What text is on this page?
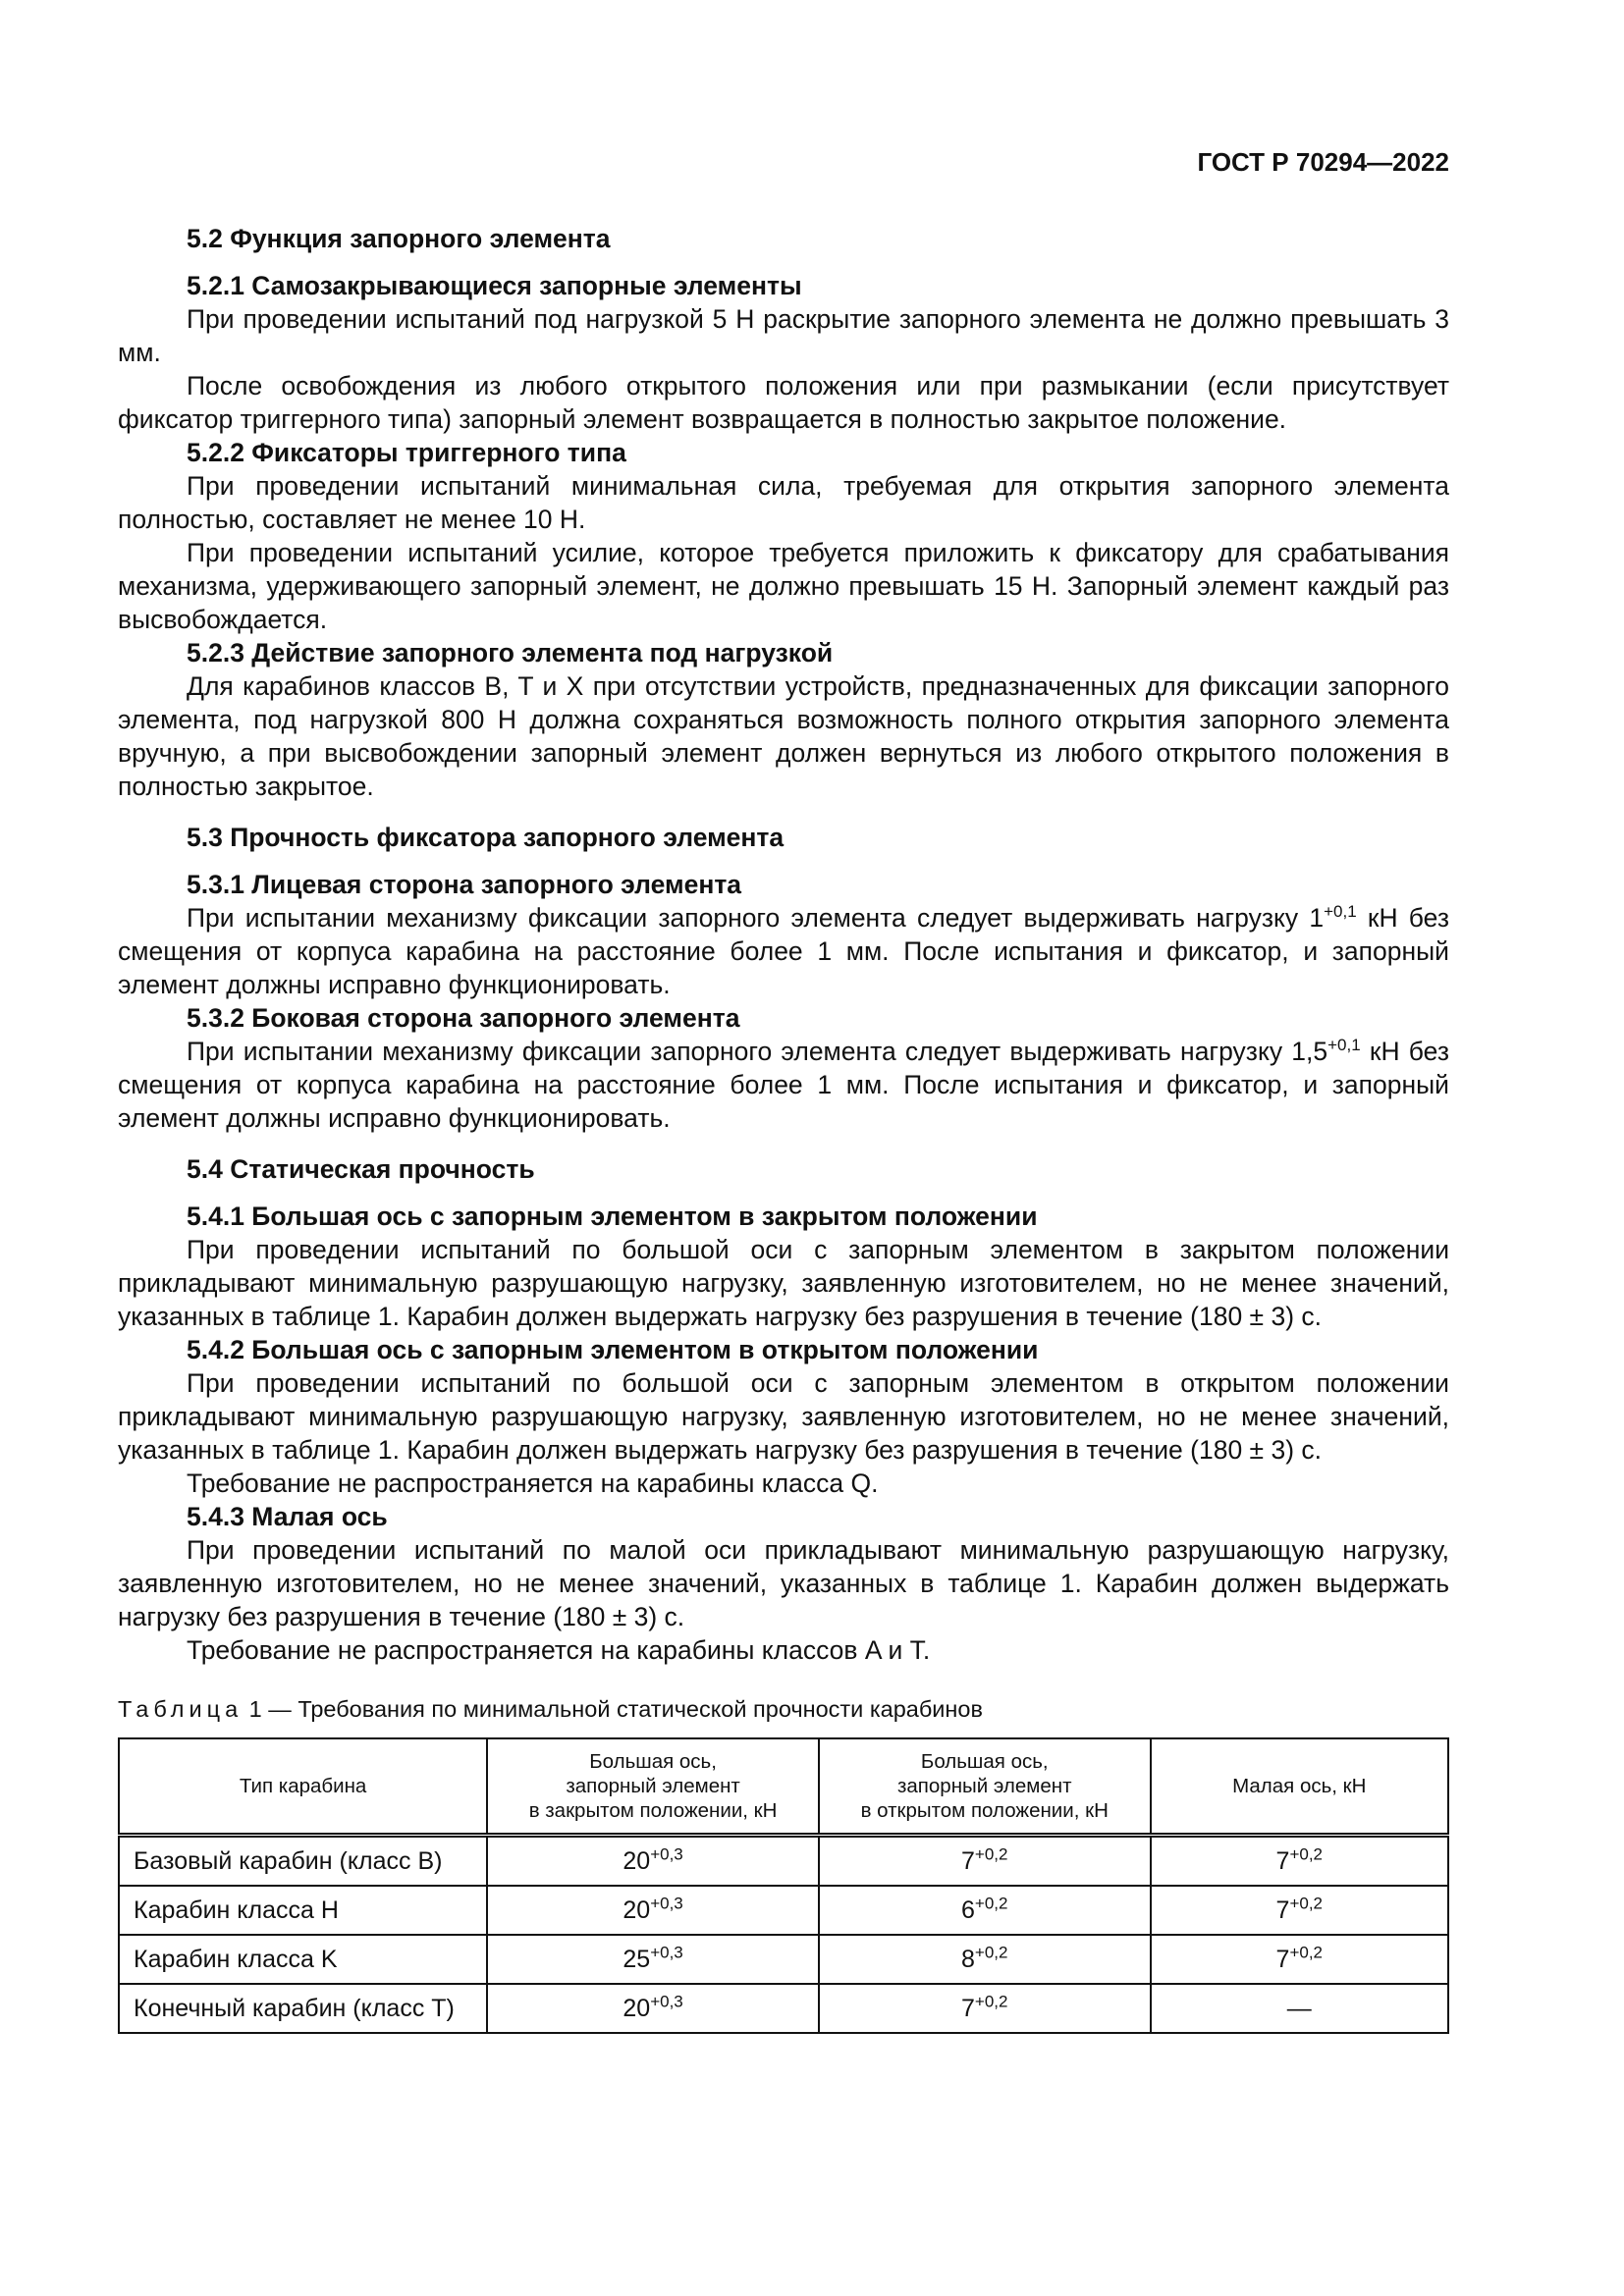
ГОСТ Р 70294—2022

5.2 Функция запорного элемента

5.2.1 Самозакрывающиеся запорные элементы

При проведении испытаний под нагрузкой 5 Н раскрытие запорного элемента не должно превышать 3 мм.

После освобождения из любого открытого положения или при размыкании (если присутствует фиксатор триггерного типа) запорный элемент возвращается в полностью закрытое положение.

5.2.2 Фиксаторы триггерного типа

При проведении испытаний минимальная сила, требуемая для открытия запорного элемента полностью, составляет не менее 10 Н.

При проведении испытаний усилие, которое требуется приложить к фиксатору для срабатывания механизма, удерживающего запорный элемент, не должно превышать 15 Н. Запорный элемент каждый раз высвобождается.

5.2.3 Действие запорного элемента под нагрузкой

Для карабинов классов B, T и X при отсутствии устройств, предназначенных для фиксации запорного элемента, под нагрузкой 800 Н должна сохраняться возможность полного открытия запорного элемента вручную, а при высвобождении запорный элемент должен вернуться из любого открытого положения в полностью закрытое.

5.3 Прочность фиксатора запорного элемента

5.3.1 Лицевая сторона запорного элемента

При испытании механизму фиксации запорного элемента следует выдерживать нагрузку $1^{+0,1}$ кН без смещения от корпуса карабина на расстояние более 1 мм. После испытания и фиксатор, и запорный элемент должны исправно функционировать.

5.3.2 Боковая сторона запорного элемента

При испытании механизму фиксации запорного элемента следует выдерживать нагрузку $1,5^{+0,1}$ кН без смещения от корпуса карабина на расстояние более 1 мм. После испытания и фиксатор, и запорный элемент должны исправно функционировать.

5.4 Статическая прочность

5.4.1 Большая ось с запорным элементом в закрытом положении

При проведении испытаний по большой оси с запорным элементом в закрытом положении прикладывают минимальную разрушающую нагрузку, заявленную изготовителем, но не менее значений, указанных в таблице 1. Карабин должен выдержать нагрузку без разрушения в течение (180 ± 3) с.

5.4.2 Большая ось с запорным элементом в открытом положении

При проведении испытаний по большой оси с запорным элементом в открытом положении прикладывают минимальную разрушающую нагрузку, заявленную изготовителем, но не менее значений, указанных в таблице 1. Карабин должен выдержать нагрузку без разрушения в течение (180 ± 3) с.

Требование не распространяется на карабины класса Q.

5.4.3 Малая ось

При проведении испытаний по малой оси прикладывают минимальную разрушающую нагрузку, заявленную изготовителем, но не менее значений, указанных в таблице 1. Карабин должен выдержать нагрузку без разрушения в течение (180 ± 3) с.

Требование не распространяется на карабины классов A и T.

Таблица 1 — Требования по минимальной статической прочности карабинов
Тип карабина	Большая ось,
запорный элемент
в закрытом положении, кН	Большая ось,
запорный элемент
в открытом положении, кН	Малая ось, кН
Базовый карабин (класс B)	$20^{+0,3}$	$7^{+0,2}$	$7^{+0,2}$
Карабин класса H	$20^{+0,3}$	$6^{+0,2}$	$7^{+0,2}$
Карабин класса K	$25^{+0,3}$	$8^{+0,2}$	$7^{+0,2}$
Конечный карабин (класс T)	$20^{+0,3}$	$7^{+0,2}$	—
